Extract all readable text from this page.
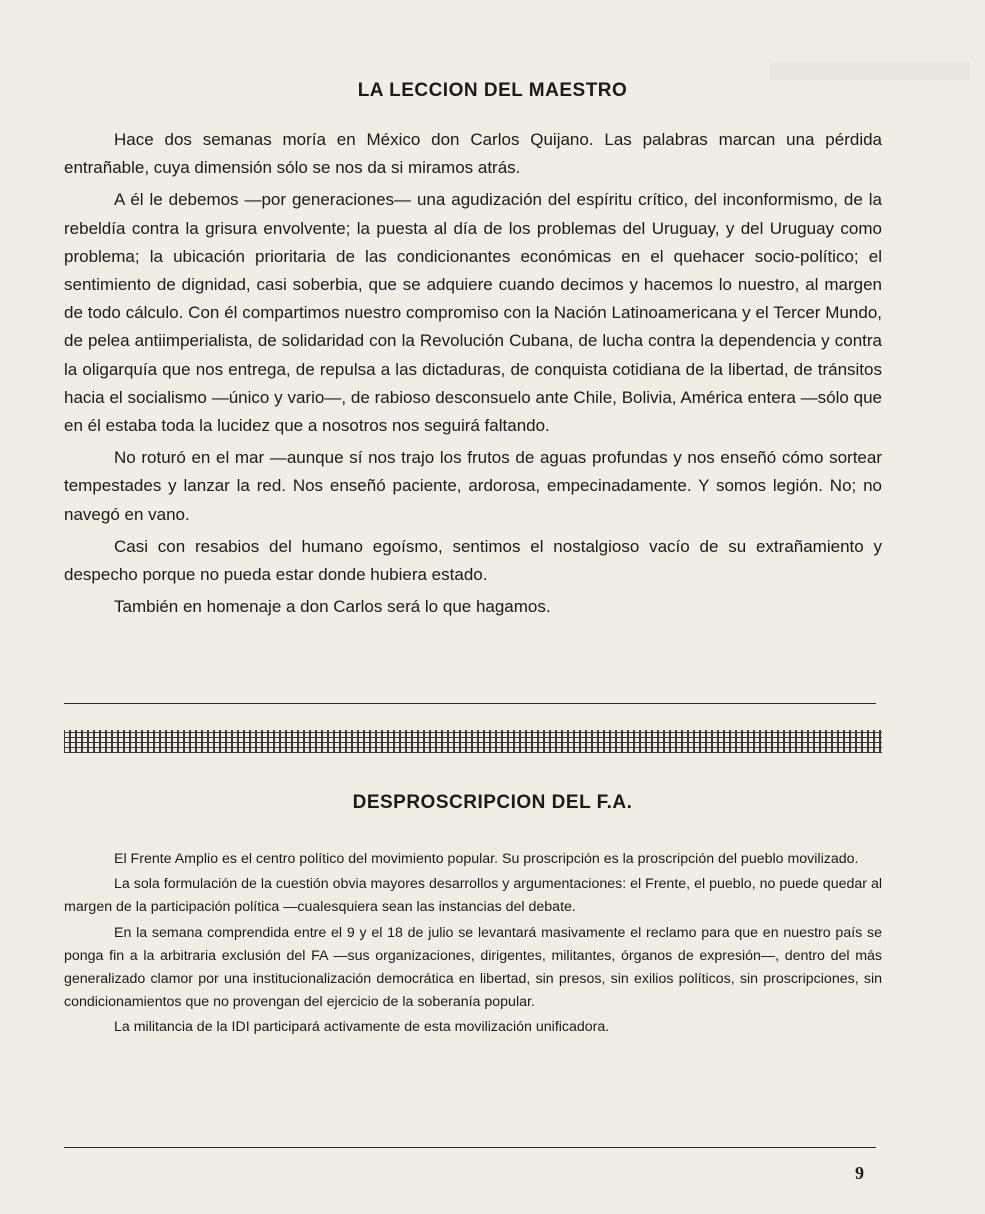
LA LECCION DEL MAESTRO

Hace dos semanas moría en México don Carlos Quijano. Las palabras marcan una pérdida entrañable, cuya dimensión sólo se nos da si miramos atrás.

A él le debemos —por generaciones— una agudización del espíritu crítico, del inconformismo, de la rebeldía contra la grisura envolvente; la puesta al día de los problemas del Uruguay, y del Uruguay como problema; la ubicación prioritaria de las condicionantes económicas en el quehacer socio-político; el sentimiento de dignidad, casi soberbia, que se adquiere cuando decimos y hacemos lo nuestro, al margen de todo cálculo. Con él compartimos nuestro compromiso con la Nación Latinoamericana y el Tercer Mundo, de pelea antiimperialista, de solidaridad con la Revolución Cubana, de lucha contra la dependencia y contra la oligarquía que nos entrega, de repulsa a las dictaduras, de conquista cotidiana de la libertad, de tránsitos hacia el socialismo —único y vario—, de rabioso desconsuelo ante Chile, Bolivia, América entera —sólo que en él estaba toda la lucidez que a nosotros nos seguirá faltando.

No roturó en el mar —aunque sí nos trajo los frutos de aguas profundas y nos enseñó cómo sortear tempestades y lanzar la red. Nos enseñó paciente, ardorosa, empecinadamente. Y somos legión. No; no navegó en vano.

Casi con resabios del humano egoísmo, sentimos el nostalgioso vacío de su extrañamiento y despecho porque no pueda estar donde hubiera estado.

También en homenaje a don Carlos será lo que hagamos.

DESPROSCRIPCION DEL F.A.

El Frente Amplio es el centro político del movimiento popular. Su proscripción es la proscripción del pueblo movilizado.

La sola formulación de la cuestión obvia mayores desarrollos y argumentaciones: el Frente, el pueblo, no puede quedar al margen de la participación política —cualesquiera sean las instancias del debate.

En la semana comprendida entre el 9 y el 18 de julio se levantará masivamente el reclamo para que en nuestro país se ponga fin a la arbitraria exclusión del FA —sus organizaciones, dirigentes, militantes, órganos de expresión—, dentro del más generalizado clamor por una institucionalización democrática en libertad, sin presos, sin exilios políticos, sin proscripciones, sin condicionamientos que no provengan del ejercicio de la soberanía popular.

La militancia de la IDI participará activamente de esta movilización unificadora.

9
